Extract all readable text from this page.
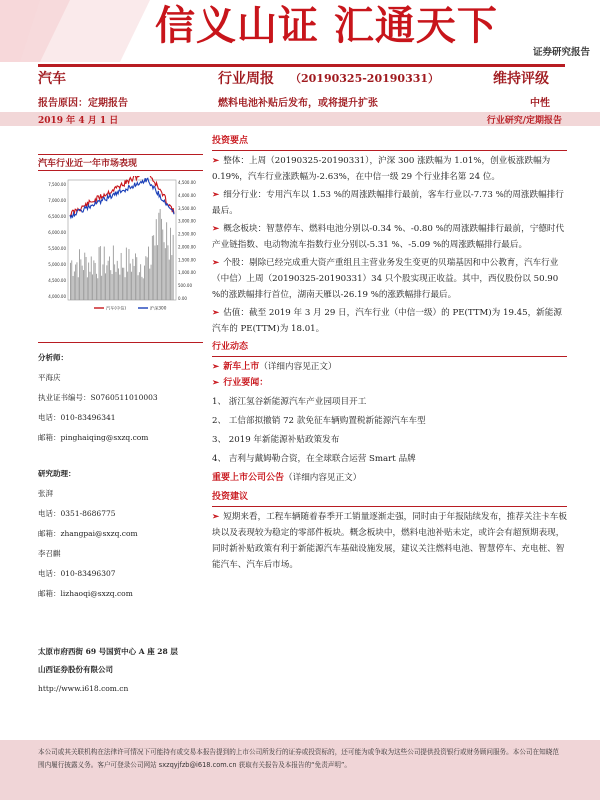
信义山证 汇通天下
证券研究报告
汽车	行业周报 （20190325-20190331）	维持评级
报告原因：定期报告	燃料电池补贴后发布，或将提升扩张	中性
2019 年 4 月 1 日	行业研究/定期报告
汽车行业近一年市场表现
7,500.00
7,000.00
6,500.00
6,000.00
5,500.00
5,000.00
4,500.00
4,000.00
4,500.00
4,000.00
3,500.00
3,000.00
2,500.00
2,000.00
1,500.00
1,000.00
500.00
0.00
汽车(中信)	沪深300
分析师：
平海庆
执业证书编号：S0760511010003
电话：010-83496341
邮箱：pinghaiqing@sxzq.com
研究助理：
张湃
电话：0351-8686775
邮箱：zhangpai@sxzq.com
李召麒
电话：010-83496307
邮箱：lizhaoqi@sxzq.com
太原市府西街 69 号国贸中心 A 座 28 层
山西证券股份有限公司
http://www.i618.com.cn
投资要点

➢ 整体：上周（20190325-20190331），沪深 300 涨跌幅为 1.01%，创业板涨跌幅为 0.19%，汽车行业涨跌幅为-2.63%，在中信一级 29 个行业排名第 24 位。

➢ 细分行业：专用汽车以 1.53 %的周涨跌幅排行最前，客车行业以-7.73 %的周涨跌幅排行最后。

➢ 概念板块：智慧停车、燃料电池分别以-0.34 %、-0.80 %的周涨跌幅排行最前，宁德时代产业链指数、电动物流车指数行业分别以-5.31 %、-5.09 %的周涨跌幅排行最后。

➢ 个股：剔除已经完成重大资产重组且主营业务发生变更的贝瑞基因和中公教育，汽车行业（中信）上周（20190325-20190331）34 只个股实现正收益。其中，西仪股份以 50.90 %的涨跌幅排行首位，湖南天雁以-26.19 %的涨跌幅排行最后。

➢ 估值：截至 2019 年 3 月 29 日，汽车行业（中信一级）的 PE(TTM)为 19.45，新能源汽车的 PE(TTM)为 18.01。

行业动态

➢ 新车上市（详细内容见正文）

➢ 行业要闻：

1、 浙江氢谷新能源汽车产业园项目开工

2、 工信部拟撤销 72 款免征车辆购置税新能源汽车车型

3、 2019 年新能源补贴政策发布

4、 吉利与戴姆勒合资，在全球联合运营 Smart 品牌

重要上市公司公告（详细内容见正文）

投资建议

➢ 短期来看，工程车辆随着春季开工销量逐渐走强，同时由于年报陆续发布，推荐关注卡车板块以及表现较为稳定的零部件板块。概念板块中，燃料电池补贴未定，或许会有超预期表现，同时新补贴政策有利于新能源汽车基础设施发展，建议关注燃料电池、智慧停车、充电桩、智能汽车、汽车后市场。

本公司或其关联机构在法律许可情况下可能持有或交易本报告提到的上市公司所发行的证券或投资标的，还可能为或争取为这些公司提供投资银行或财务顾问服务。本公司在知晓范围内履行披露义务。客户可登录公司网站 sxzqyjfzb@i618.com.cn 获取有关报告及本报告的“免责声明”。
